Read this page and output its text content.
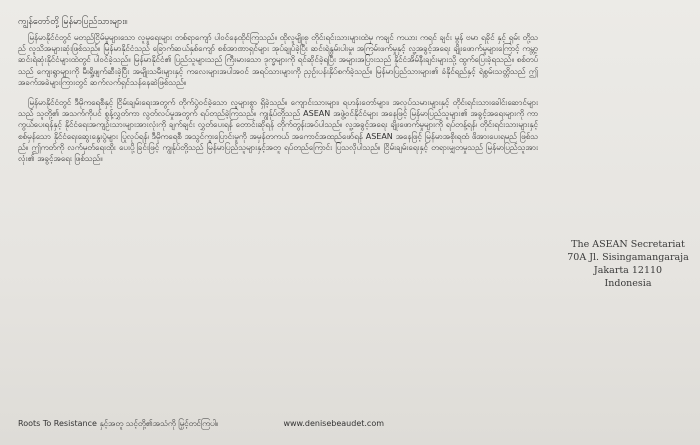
ကျွန်တော်တို့ မြန်မာပြည်သားများ။

မြန်မာနိုင်ငံတွင် မတည်ငြိမ်မှုများသော လူမှုရေးများ တစ်ရာကျော် ပါဝင်နေထိုင်ကြသည်။ ထိုလူမျိုးစု တိုင်းရင်းသားများထဲမှ ကချင် ကယား ကရင် ချင်း မွန် ဗမာ ရခိုင် နှင့် ရှမ်း တို့သည် လူသိအများဆုံးဖြစ်သည်။ မြန်မာနိုင်ငံသည် ခြောက်ဆယ်နှစ်ကျော် စစ်အာဏာရှင်များ အုပ်ချုပ်ခဲ့ပြီး ဆင်းရဲနွမ်းပါးမှု၊ အကြမ်းဖက်မှုနှင့် လူ့အခွင့်အရေး ချိုးဖောက်မှုများကြောင့် ကမ္ဘာ့ဆင်းရဲဆုံးနိုင်ငံများထဲတွင် ပါဝင်ခဲ့သည်။ မြန်မာနိုင်ငံ၏ ပြည်သူများသည် ကြီးမားသော ဒုက္ခများကို ရင်ဆိုင်ခဲ့ရပြီး အများအပြားသည် နိုင်ငံအိမ်နီးချင်းများသို့ ထွက်ပြေးခဲ့ရသည်။ စစ်တပ်သည် ကျေးရွာများကို မီးရှို့ဖျက်ဆီးခဲ့ပြီး အမျိုးသမီးများနှင့် ကလေးများအပါအဝင် အရပ်သားများကို ညှဉ်းပန်းနှိပ်စက်ခဲ့သည်။ မြန်မာပြည်သားများ၏ ခံနိုင်ရည်နှင့် ရဲစွမ်းသတ္တိသည် ဤအခက်အခဲများကြားတွင် ဆက်လက်ရှင်သန်နေဆဲဖြစ်သည်။

မြန်မာနိုင်ငံတွင် ဒီမိုကရေစီနှင့် ငြိမ်းချမ်းရေးအတွက် တိုက်ပွဲဝင်ခဲ့သော လူများစွာ ရှိခဲ့သည်။ ကျောင်းသားများ၊ ရဟန်းတော်များ၊ အလုပ်သမားများနှင့် တိုင်းရင်းသားခေါင်းဆောင်များသည် သူတို့၏ အသက်ကိုပင် စွန့်လွှတ်ကာ လွတ်လပ်မှုအတွက် ရပ်တည်ခဲ့ကြသည်။ ကျွန်ုပ်တို့သည် ASEAN အဖွဲ့ဝင်နိုင်ငံများ အနေဖြင့် မြန်မာပြည်သူများ၏ အခွင့်အရေးများကို ကာကွယ်ပေးရန်နှင့် နိုင်ငံရေးအကျဉ်းသားများအားလုံးကို ချက်ချင်း လွှတ်ပေးရန် တောင်းဆိုရန် တိုက်တွန်းအပ်ပါသည်။ လူ့အခွင့်အရေး ချိုးဖောက်မှုများကို ရပ်တန့်ရန်၊ တိုင်းရင်းသားများနှင့် စစ်မှန်သော နိုင်ငံရေးဆွေးနွေးပွဲများ ပြုလုပ်ရန်၊ ဒီမိုကရေစီ အသွင်ကူးပြောင်းမှုကို အမှန်တကယ် အကောင်အထည်ဖော်ရန် ASEAN အနေဖြင့် မြန်မာအစိုးရထံ ဖိအားပေးရမည် ဖြစ်သည်။ ဤကတ်ကို လက်မှတ်ရေးထိုး ပေးပို့ခြင်းဖြင့် ကျွန်ုပ်တို့သည် မြန်မာပြည်သူများနှင့်အတူ ရပ်တည်ကြောင်း ပြသလိုပါသည်။ ငြိမ်းချမ်းရေးနှင့် တရားမျှတမှုသည် မြန်မာပြည်သူအားလုံး၏ အခွင့်အရေး ဖြစ်သည်။

Roots To Resistance နှင့်အတူ သင့်တို့၏အသံကို မြှင့်တင်ကြပါ။	www.denisebeaudet.com
The ASEAN Secretariat
70A Jl. Sisingamangaraja
Jakarta 12110
Indonesia
